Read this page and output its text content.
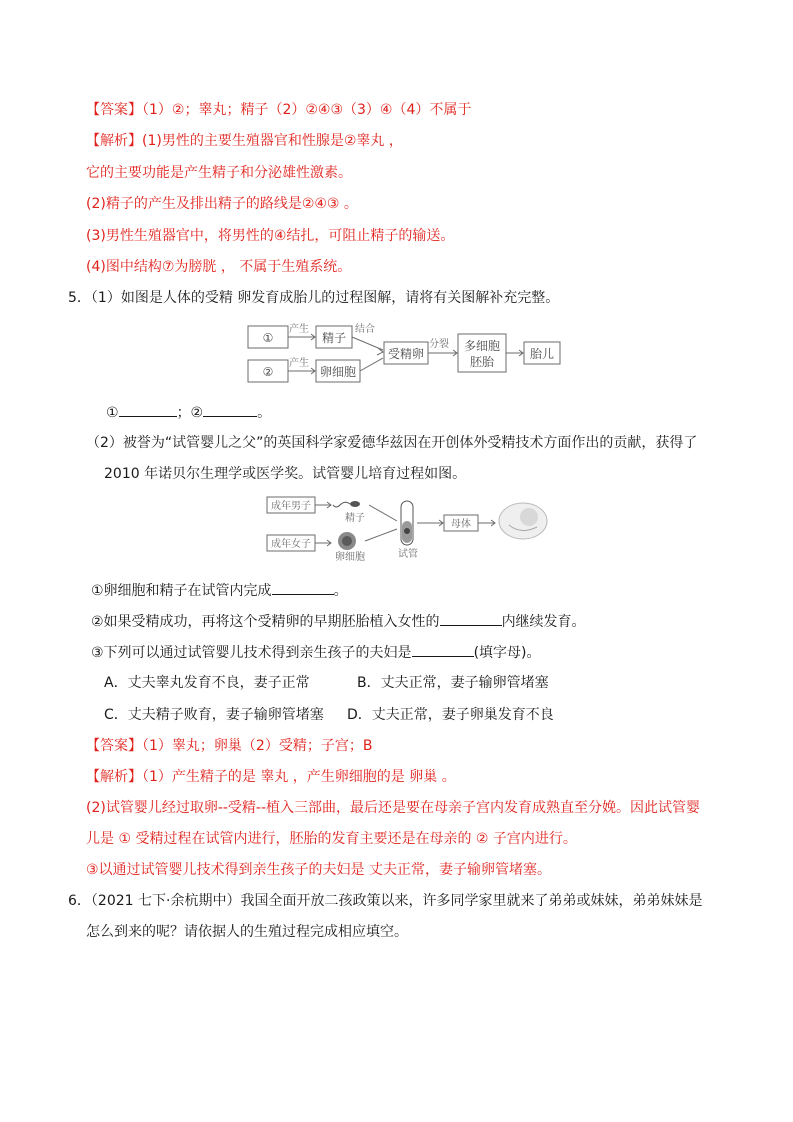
【答案】（1）②；睾丸；精子（2）②④③（3）④（4）不属于
【解析】(1)男性的主要生殖器官和性腺是②睾丸 ，
它的主要功能是产生精子和分泌雄性激素。
(2)精子的产生及排出精子的路线是②④③ 。
(3)男性生殖器官中，将男性的④结扎，可阻止精子的输送。
(4)图中结构⑦为膀胱 ， 不属于生殖系统。
5．（1）如图是人体的受精 卵发育成胎儿的过程图解，请将有关图解补充完整。
①
②
产生
产生
精子
卵细胞
结合
受精卵
分裂 多细胞
胚胎
胎儿
①	；②	。
（2）被誉为“试管婴儿之父”的英国科学家爱德华兹因在开创体外受精技术方面作出的贡献，获得了
2010 年诺贝尔生理学或医学奖。试管婴儿培育过程如图。
成年男子
成年女子
精子
卵细胞	试管
母体
①卵细胞和精子在试管内完成	。
②如果受精成功，再将这个受精卵的早期胚胎植入女性的	内继续发育。
③下列可以通过试管婴儿技术得到亲生孩子的夫妇是	(填字母)。
A．丈夫睾丸发育不良，妻子正常	B．丈夫正常，妻子输卵管堵塞
C．丈夫精子败育，妻子输卵管堵塞 D．丈夫正常，妻子卵巢发育不良
【答案】（1）睾丸；卵巢（2）受精；子宫；B
【解析】（1）产生精子的是 睾丸 ，产生卵细胞的是 卵巢 。
(2)试管婴儿经过取卵--受精--植入三部曲，最后还是要在母亲子宫内发育成熟直至分娩。因此试管婴
儿是 ① 受精过程在试管内进行，胚胎的发育主要还是在母亲的 ② 子宫内进行。
③以通过试管婴儿技术得到亲生孩子的夫妇是 丈夫正常，妻子输卵管堵塞。
6．（2021 七下·余杭期中）我国全面开放二孩政策以来，许多同学家里就来了弟弟或妹妹，弟弟妹妹是
怎么到来的呢？请依据人的生殖过程完成相应填空。
